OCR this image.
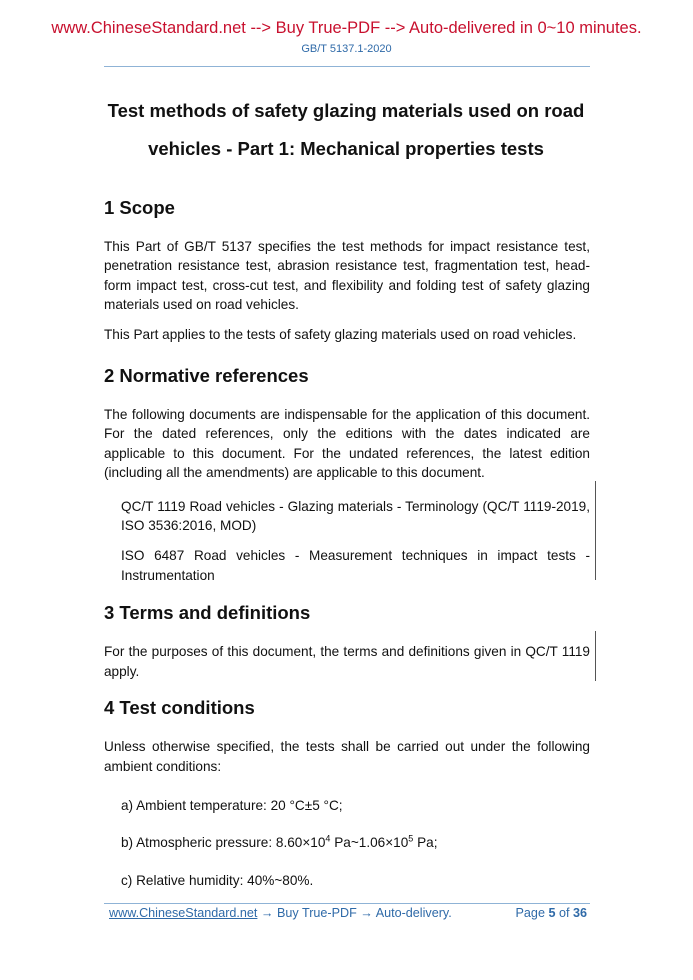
www.ChineseStandard.net --> Buy True-PDF --> Auto-delivered in 0~10 minutes.
GB/T 5137.1-2020
Test methods of safety glazing materials used on road
vehicles - Part 1: Mechanical properties tests
1 Scope

This Part of GB/T 5137 specifies the test methods for impact resistance test, penetration resistance test, abrasion resistance test, fragmentation test, head-form impact test, cross-cut test, and flexibility and folding test of safety glazing materials used on road vehicles.

This Part applies to the tests of safety glazing materials used on road vehicles.

2 Normative references

The following documents are indispensable for the application of this document. For the dated references, only the editions with the dates indicated are applicable to this document. For the undated references, the latest edition (including all the amendments) are applicable to this document.

QC/T 1119 Road vehicles - Glazing materials - Terminology (QC/T 1119-2019, ISO 3536:2016, MOD)

ISO 6487 Road vehicles - Measurement techniques in impact tests - Instrumentation

3 Terms and definitions

For the purposes of this document, the terms and definitions given in QC/T 1119 apply.

4 Test conditions

Unless otherwise specified, the tests shall be carried out under the following ambient conditions:

a) Ambient temperature: 20 °C±5 °C;

b) Atmospheric pressure: $8.60\times 10^4$ $Pa\sim 1.06\times 10^5$ Pa;

c) Relative humidity: 40%~80%.

www.ChineseStandard.net → Buy True-PDF → Auto-delivery.	Page 5 of 36
